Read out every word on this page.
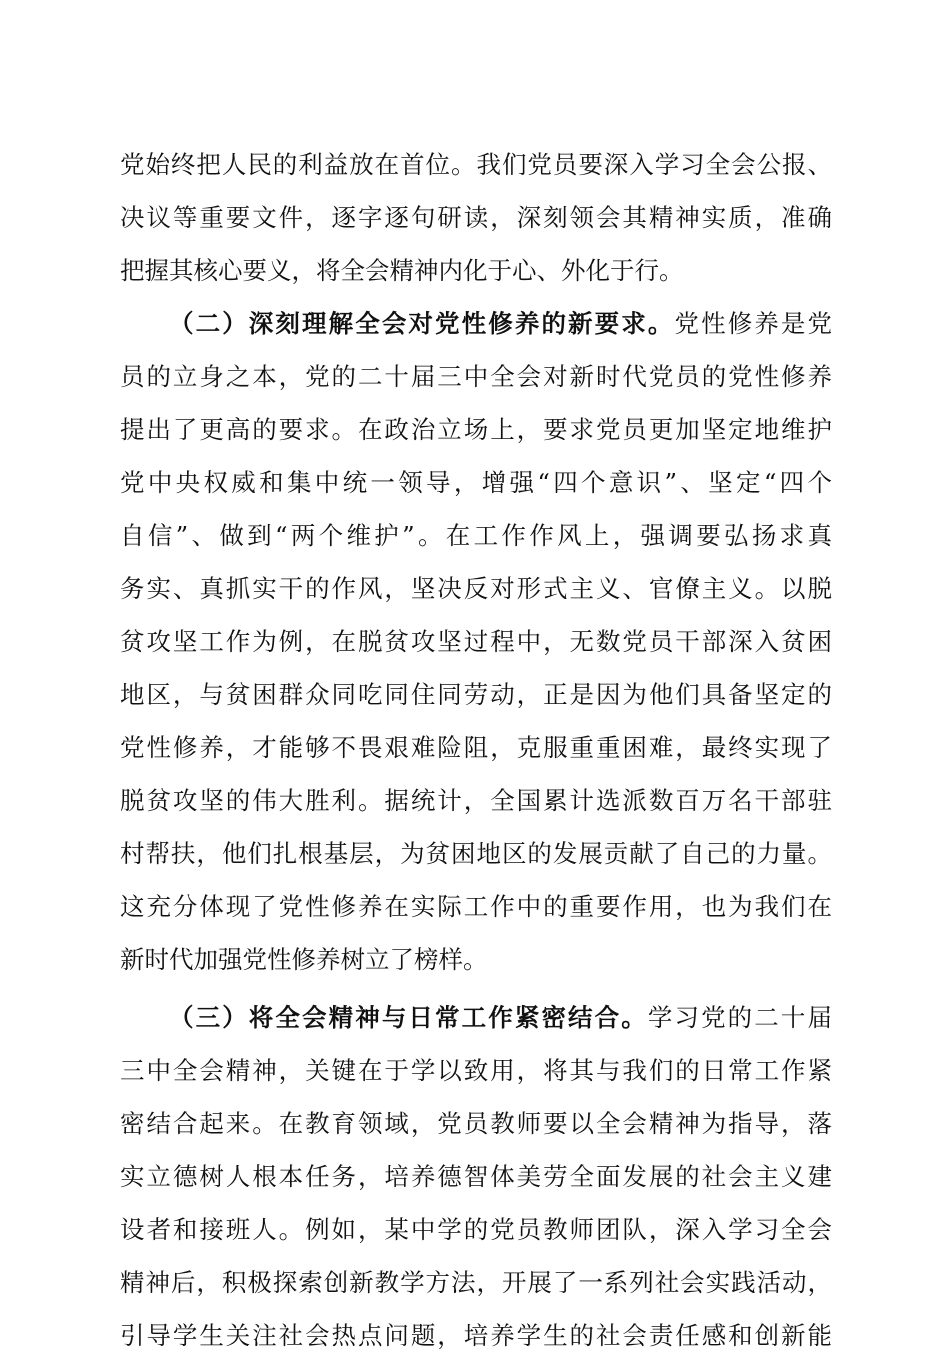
党始终把人民的利益放在首位。我们党员要深入学习全会公报、
决议等重要文件，逐字逐句研读，深刻领会其精神实质，准确
把握其核心要义，将全会精神内化于心、外化于行。
（二）深刻理解全会对党性修养的新要求。党性修养是党
员的立身之本，党的二十届三中全会对新时代党员的党性修养
提出了更高的要求。在政治立场上，要求党员更加坚定地维护
党中央权威和集中统一领导，增强“四个意识”、坚定“四个
自信”、做到“两个维护”。在工作作风上，强调要弘扬求真
务实、真抓实干的作风，坚决反对形式主义、官僚主义。以脱
贫攻坚工作为例，在脱贫攻坚过程中，无数党员干部深入贫困
地区，与贫困群众同吃同住同劳动，正是因为他们具备坚定的
党性修养，才能够不畏艰难险阻，克服重重困难，最终实现了
脱贫攻坚的伟大胜利。据统计，全国累计选派数百万名干部驻
村帮扶，他们扎根基层，为贫困地区的发展贡献了自己的力量。
这充分体现了党性修养在实际工作中的重要作用，也为我们在
新时代加强党性修养树立了榜样。
（三）将全会精神与日常工作紧密结合。学习党的二十届
三中全会精神，关键在于学以致用，将其与我们的日常工作紧
密结合起来。在教育领域，党员教师要以全会精神为指导，落
实立德树人根本任务，培养德智体美劳全面发展的社会主义建
设者和接班人。例如，某中学的党员教师团队，深入学习全会
精神后，积极探索创新教学方法，开展了一系列社会实践活动，
引导学生关注社会热点问题，培养学生的社会责任感和创新能
